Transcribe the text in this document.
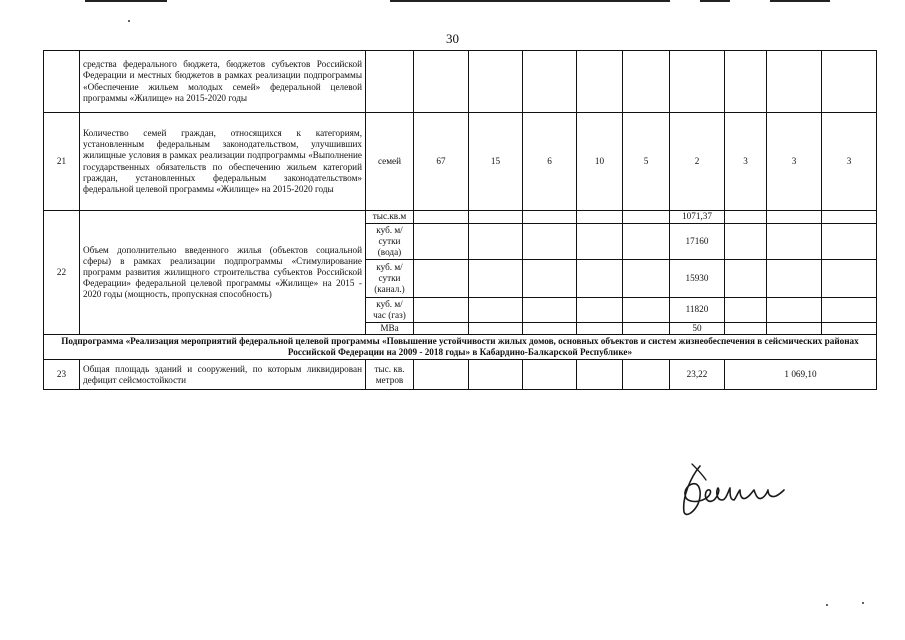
30
	средства федерального бюджета, бюджетов субъектов Российской Федерации и местных бюджетов в рамках реализации подпрограммы «Обеспечение жильем молодых семей» федеральной целевой программы «Жилище» на 2015-2020 годы										
21	Количество семей граждан, относящихся к категориям, установленным федеральным законодательством, улучшивших жилищные условия в рамках реализации подпрограммы «Выполнение государственных обязательств по обеспечению жильем категорий граждан, установленных федеральным законодательством» федеральной целевой программы «Жилище» на 2015-2020 годы	семей	67	15	6	10	5	2	3	3	3
22	Объем дополнительно введенного жилья (объектов социальной сферы) в рамках реализации подпрограммы «Стимулирование программ развития жилищного строительства субъектов Российской Федерации» федеральной целевой программы «Жилище» на 2015 - 2020 годы (мощность, пропускная способность)	тыс.кв.м						1071,37			
		куб. м/ сутки (вода)						17160			
		куб. м/ сутки (канал.)						15930			
		куб. м/ час (газ)						11820			
		МВа						50			
Подпрограмма «Реализация мероприятий федеральной целевой программы «Повышение устойчивости жилых домов, основных объектов и систем жизнеобеспечения в сейсмических районах Российской Федерации на 2009 - 2018 годы» в Кабардино-Балкарской Республике»											
23	Общая площадь зданий и сооружений, по которым ликвидирован дефицит сейсмостойкости	тыс. кв. метров						23,22	1 069,10		
